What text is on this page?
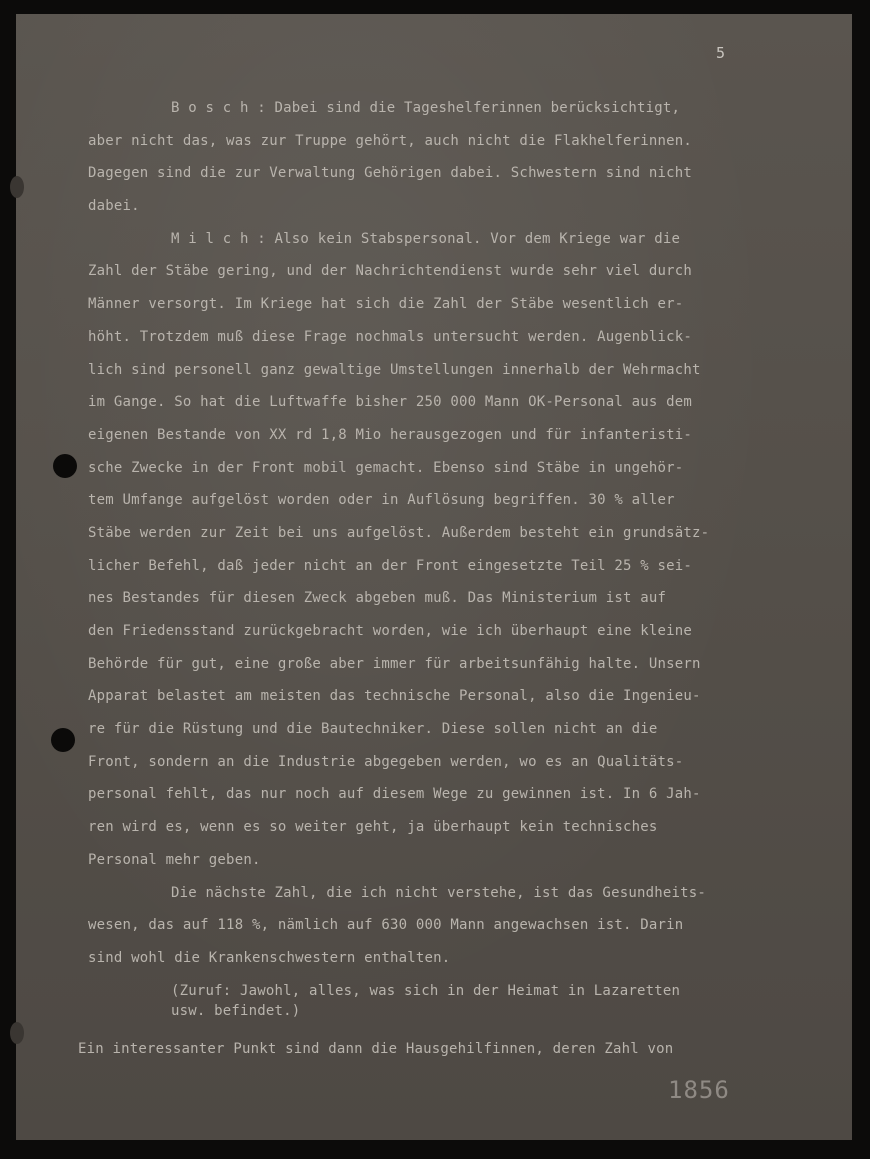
5
B o s c h : Dabei sind die Tageshelferinnen berücksichtigt,
aber nicht das, was zur Truppe gehört, auch nicht die Flakhelferinnen.
Dagegen sind die zur Verwaltung Gehörigen dabei. Schwestern sind nicht
dabei.
M i l c h : Also kein Stabspersonal. Vor dem Kriege war die
Zahl der Stäbe gering, und der Nachrichtendienst wurde sehr viel durch
Männer versorgt. Im Kriege hat sich die Zahl der Stäbe wesentlich er-
höht. Trotzdem muß diese Frage nochmals untersucht werden. Augenblick-
lich sind personell ganz gewaltige Umstellungen innerhalb der Wehrmacht
im Gange. So hat die Luftwaffe bisher 250 000 Mann OK-Personal aus dem
eigenen Bestande von XX rd 1,8 Mio herausgezogen und für infanteristi-
sche Zwecke in der Front mobil gemacht. Ebenso sind Stäbe in ungehör-
tem Umfange aufgelöst worden oder in Auflösung begriffen. 30 % aller
Stäbe werden zur Zeit bei uns aufgelöst. Außerdem besteht ein grundsätz-
licher Befehl, daß jeder nicht an der Front eingesetzte Teil 25 % sei-
nes Bestandes für diesen Zweck abgeben muß. Das Ministerium ist auf
den Friedensstand zurückgebracht worden, wie ich überhaupt eine kleine
Behörde für gut, eine große aber immer für arbeitsunfähig halte. Unsern
Apparat belastet am meisten das technische Personal, also die Ingenieu-
re für die Rüstung und die Bautechniker. Diese sollen nicht an die
Front, sondern an die Industrie abgegeben werden, wo es an Qualitäts-
personal fehlt, das nur noch auf diesem Wege zu gewinnen ist. In 6 Jah-
ren wird es, wenn es so weiter geht, ja überhaupt kein technisches
Personal mehr geben.
Die nächste Zahl, die ich nicht verstehe, ist das Gesundheits-
wesen, das auf 118 %, nämlich auf 630 000 Mann angewachsen ist. Darin
sind wohl die Krankenschwestern enthalten.
(Zuruf: Jawohl, alles, was sich in der Heimat in Lazaretten
usw. befindet.)
Ein interessanter Punkt sind dann die Hausgehilfinnen, deren Zahl von
1856
